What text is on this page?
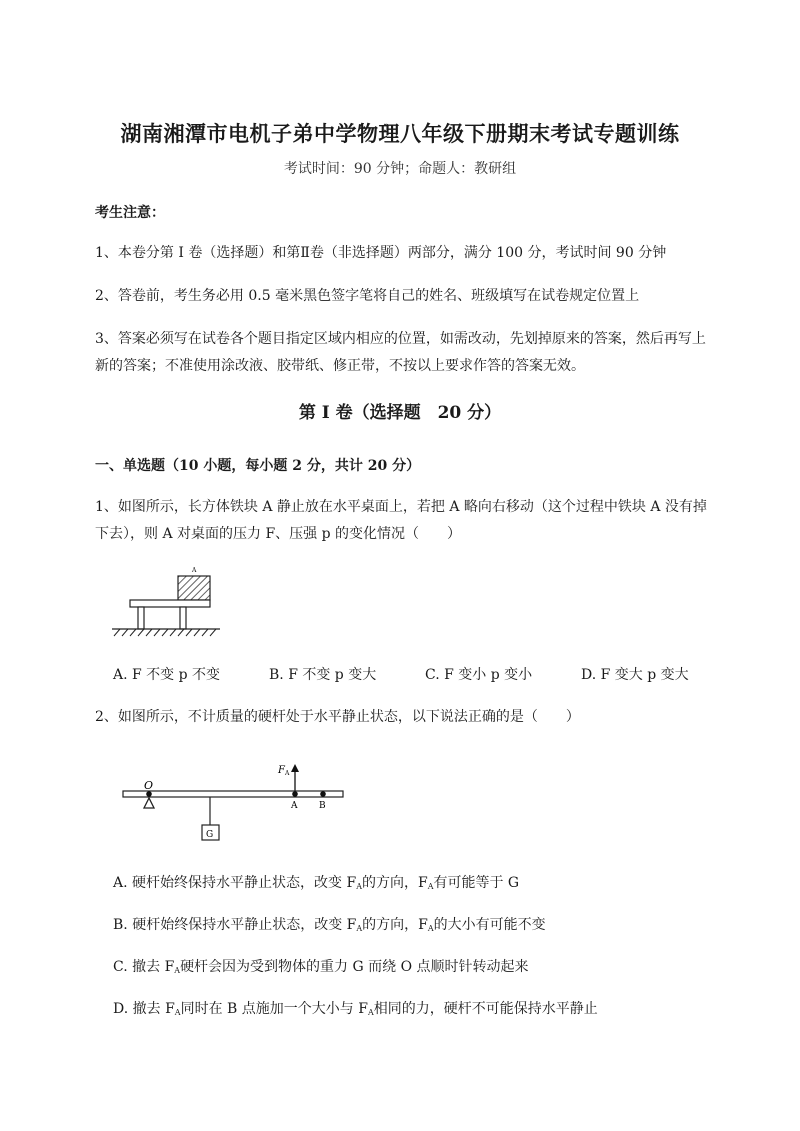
湖南湘潭市电机子弟中学物理八年级下册期末考试专题训练
考试时间：90 分钟；命题人：教研组
考生注意：
1、本卷分第 I 卷（选择题）和第Ⅱ卷（非选择题）两部分，满分 100 分，考试时间 90 分钟
2、答卷前，考生务必用 0.5 毫米黑色签字笔将自己的姓名、班级填写在试卷规定位置上
3、答案必须写在试卷各个题目指定区域内相应的位置，如需改动，先划掉原来的答案，然后再写上新的答案；不准使用涂改液、胶带纸、修正带，不按以上要求作答的答案无效。
第 I 卷（选择题　20 分）
一、单选题（10 小题，每小题 2 分，共计 20 分）
1、如图所示，长方体铁块 A 静止放在水平桌面上，若把 A 略向右移动（这个过程中铁块 A 没有掉下去），则 A 对桌面的压力 F、压强 p 的变化情况（　　）
A
A. F 不变 p 不变	B. F 不变 p 变大	C. F 变小 p 变小	D. F 变大 p 变大
2、如图所示，不计质量的硬杆处于水平静止状态，以下说法正确的是（　　）
O
G
F A
A B
A. 硬杆始终保持水平静止状态，改变 $F_A$的方向，$F_A$有可能等于 G
B. 硬杆始终保持水平静止状态，改变 $F_A$的方向，$F_A$的大小有可能不变
C. 撤去 $F_A$硬杆会因为受到物体的重力 G 而绕 O 点顺时针转动起来
D. 撤去 $F_A$同时在 B 点施加一个大小与 $F_A$相同的力，硬杆不可能保持水平静止
